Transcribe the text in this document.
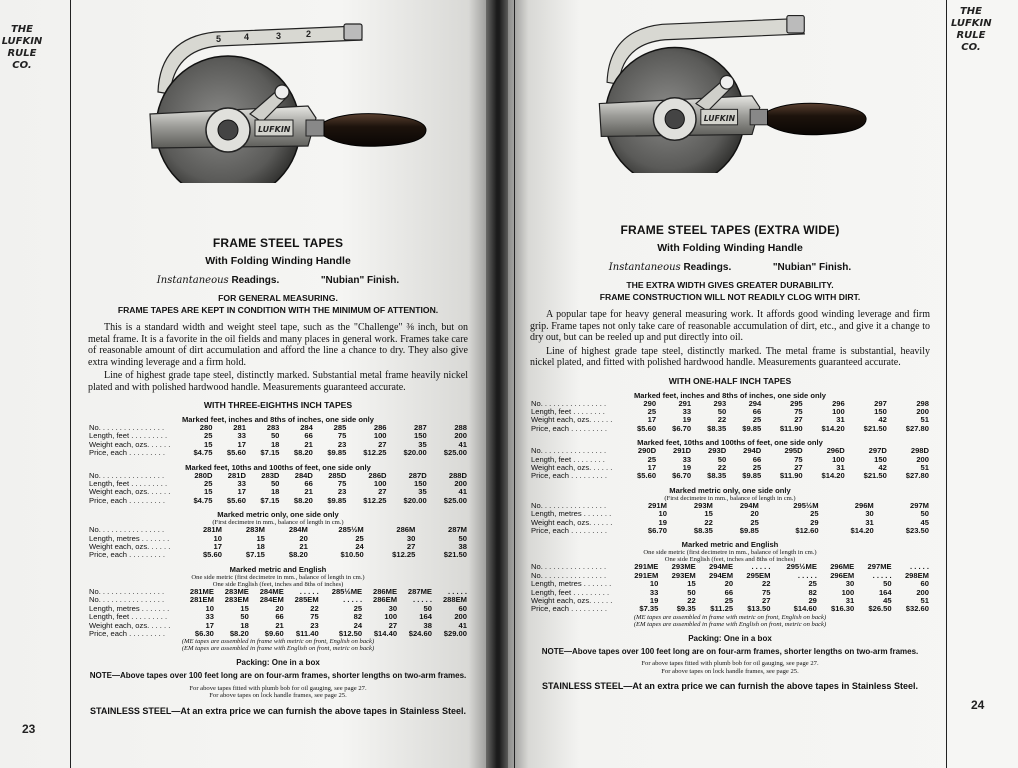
THE
LUFKIN
RULE
CO.
23
5	4	3	2
LUFKIN
FRAME STEEL TAPES
With Folding Winding Handle
Instantaneous Readings.	"Nubian" Finish.
FOR GENERAL MEASURING.
FRAME TAPES ARE KEPT IN CONDITION WITH THE MINIMUM OF ATTENTION.
This is a standard width and weight steel tape, such as the "Challenge" ⅜ inch, but on metal frame. It is a favorite in the oil fields and many places in general work. Frames take care of reasonable amount of dirt accumulation and afford the line a chance to dry. They also give extra winding leverage and a firm hold.
Line of highest grade tape steel, distinctly marked. Substantial metal frame heavily nickel plated and with polished hardwood handle. Measurements guaranteed accurate.
WITH THREE-EIGHTHS INCH TAPES
Marked feet, inches and 8ths of inches, one side only
No. . . . . . . . . . . . . . . .	280	281	283	284	285	286	287	288
Length, feet . . . . . . . . .	25	33	50	66	75	100	150	200
Weight each, ozs. . . . . .	15	17	18	21	23	27	35	41
Price, each . . . . . . . . .	$4.75	$5.60	$7.15	$8.20	$9.85	$12.25	$20.00	$25.00
Marked feet, 10ths and 100ths of feet, one side only
No. . . . . . . . . . . . . . . .	280D	281D	283D	284D	285D	286D	287D	288D
Length, feet . . . . . . . . .	25	33	50	66	75	100	150	200
Weight each, ozs. . . . . .	15	17	18	21	23	27	35	41
Price, each . . . . . . . . .	$4.75	$5.60	$7.15	$8.20	$9.85	$12.25	$20.00	$25.00
Marked metric only, one side only
(First decimetre in mm., balance of length in cm.)
No. . . . . . . . . . . . . . . .	281M	283M	284M	285½M	286M	287M
Length, metres . . . . . . .	10	15	20	25	30	50
Weight each, ozs. . . . . .	17	18	21	24	27	38
Price, each . . . . . . . . .	$5.60	$7.15	$8.20	$10.50	$12.25	$21.50
Marked metric and English
One side metric (first decimetre in mm., balance of length in cm.)
One side English (feet, inches and 8ths of inches)
No. . . . . . . . . . . . . . . .	281ME	283ME	284ME	. . . . .	285½ME	286ME	287ME	. . . . .
No. . . . . . . . . . . . . . . .	281EM	283EM	284EM	285EM	. . . . .	286EM	. . . . .	288EM
Length, metres . . . . . . .	10	15	20	22	25	30	50	60
Length, feet . . . . . . . . .	33	50	66	75	82	100	164	200
Weight each, ozs. . . . . .	17	18	21	23	24	27	38	41
Price, each . . . . . . . . .	$6.30	$8.20	$9.60	$11.40	$12.50	$14.40	$24.60	$29.00
(ME tapes are assembled in frame with metric on front, English on back)
(EM tapes are assembled in frame with English on front, metric on back)
Packing: One in a box
NOTE—Above tapes over 100 feet long are on four-arm frames, shorter lengths on two-arm frames.
For above tapes fitted with plumb bob for oil gauging, see page 27.
For above tapes on lock handle frames, see page 25.
STAINLESS STEEL—At an extra price we can furnish the above tapes in Stainless Steel.
THE
LUFKIN
RULE
CO.
24
LUFKIN
FRAME STEEL TAPES (EXTRA WIDE)
With Folding Winding Handle
Instantaneous Readings.	"Nubian" Finish.
THE EXTRA WIDTH GIVES GREATER DURABILITY.
FRAME CONSTRUCTION WILL NOT READILY CLOG WITH DIRT.
A popular tape for heavy general measuring work. It affords good winding leverage and firm grip. Frame tapes not only take care of reasonable accumulation of dirt, etc., and give it a change to dry out, but can be reeled up and put directly into oil.
Line of highest grade tape steel, distinctly marked. The metal frame is substantial, heavily nickel plated, and fitted with polished hardwood handle. Measurements guaranteed accurate.
WITH ONE-HALF INCH TAPES
Marked feet, inches and 8ths of inches, one side only
No. . . . . . . . . . . . . . . .	290	291	293	294	295	296	297	298
Length, feet . . . . . . . .	25	33	50	66	75	100	150	200
Weight each, ozs. . . . . .	17	19	22	25	27	31	42	51
Price, each . . . . . . . . .	$5.60	$6.70	$8.35	$9.85	$11.90	$14.20	$21.50	$27.80
Marked feet, 10ths and 100ths of feet, one side only
No. . . . . . . . . . . . . . . .	290D	291D	293D	294D	295D	296D	297D	298D
Length, feet . . . . . . . .	25	33	50	66	75	100	150	200
Weight each, ozs. . . . . .	17	19	22	25	27	31	42	51
Price, each . . . . . . . . .	$5.60	$6.70	$8.35	$9.85	$11.90	$14.20	$21.50	$27.80
Marked metric only, one side only
(First decimetre in mm., balance of length in cm.)
No. . . . . . . . . . . . . . . .	291M	293M	294M	295½M	296M	297M
Length, metres . . . . . . .	10	15	20	25	30	50
Weight each, ozs. . . . . .	19	22	25	29	31	45
Price, each . . . . . . . . .	$6.70	$8.35	$9.85	$12.60	$14.20	$23.50
Marked metric and English
One side metric (first decimetre in mm., balance of length in cm.)
One side English (feet, inches and 8ths of inches)
No. . . . . . . . . . . . . . . .	291ME	293ME	294ME	. . . . .	295½ME	296ME	297ME	. . . . .
No. . . . . . . . . . . . . . . .	291EM	293EM	294EM	295EM	. . . . .	296EM	. . . . .	298EM
Length, metres . . . . . . .	10	15	20	22	25	30	50	60
Length, feet . . . . . . . . .	33	50	66	75	82	100	164	200
Weight each, ozs. . . . . .	19	22	25	27	29	31	45	51
Price, each . . . . . . . . .	$7.35	$9.35	$11.25	$13.50	$14.60	$16.30	$26.50	$32.60
(ME tapes are assembled in frame with metric on front, English on back)
(EM tapes are assembled in frame with English on front, metric on back)
Packing: One in a box
NOTE—Above tapes over 100 feet long are on four-arm frames, shorter lengths on two-arm frames.
For above tapes fitted with plumb bob for oil gauging, see page 27.
For above tapes on lock handle frames, see page 25.
STAINLESS STEEL—At an extra price we can furnish the above tapes in Stainless Steel.
